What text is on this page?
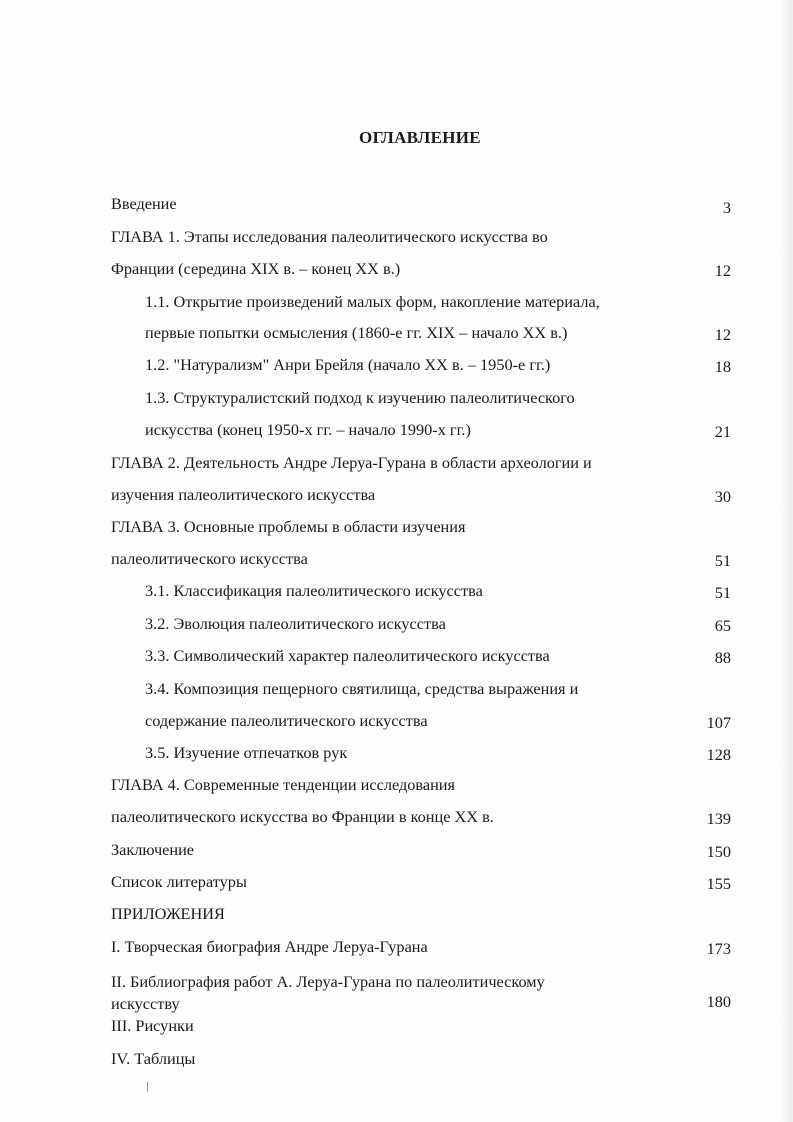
ОГЛАВЛЕНИЕ
Введение	3
ГЛАВА 1. Этапы исследования палеолитического искусства во
Франции (середина XIX в. – конец XX в.)	12
1.1. Открытие произведений малых форм, накопление материала,
первые попытки осмысления (1860-е гг. XIX – начало XX в.)	12
1.2. "Натурализм" Анри Брейля (начало XX в. – 1950-е гг.)	18
1.3. Структуралистский подход к изучению палеолитического
искусства (конец 1950-х гг. – начало 1990-х гг.)	21
ГЛАВА 2. Деятельность Андре Леруа-Гурана в области археологии и
изучения палеолитического искусства	30
ГЛАВА 3. Основные проблемы в области изучения
палеолитического искусства	51
3.1. Классификация палеолитического искусства	51
3.2. Эволюция палеолитического искусства	65
3.3. Символический характер палеолитического искусства	88
3.4. Композиция пещерного святилища, средства выражения и
содержание палеолитического искусства	107
3.5. Изучение отпечатков рук	128
ГЛАВА 4. Современные тенденции исследования
палеолитического искусства во Франции в конце XX в.	139
Заключение	150
Список литературы	155
ПРИЛОЖЕНИЯ
I. Творческая биография Андре Леруа-Гурана	173
II. Библиография работ А. Леруа-Гурана по палеолитическому
искусству	180
III. Рисунки
IV. Таблицы
